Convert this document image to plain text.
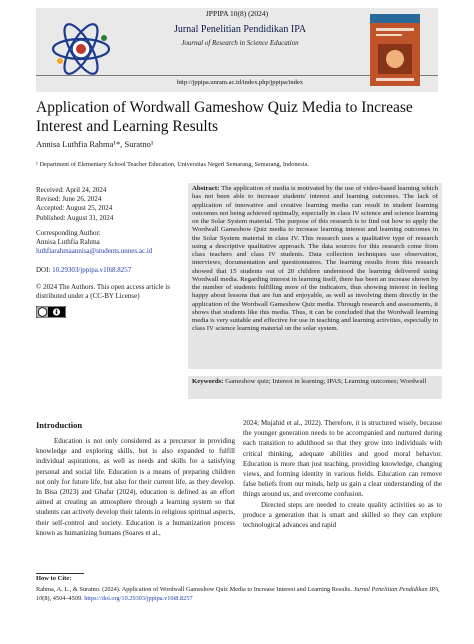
JPPIPA 10(8) (2024)
Jurnal Penelitian Pendidikan IPA
Journal of Research in Science Education
http://jppipa.unram.ac.id/index.php/jppipa/index
Application of Wordwall Gameshow Quiz Media to Increase Interest and Learning Results
Annisa Luthfia Rahma¹*, Suratno¹
¹ Department of Elementary School Teacher Education, Universitas Negeri Semarang, Semarang, Indonesia.
Received: April 24, 2024
Revised: June 26, 2024
Accepted: August 25, 2024
Published: August 31, 2024
Corresponding Author:
Annisa Luthfia Rahma
luthfiarahmaannisa@students.unnes.ac.id
DOI: 10.29303/jppipa.v10i8.8257
© 2024 The Authors. This open access article is distributed under a (CC-BY License)
Abstract: The application of media is motivated by the use of video-based learning which has not been able to increase students' interest and learning outcomes. The lack of application of innovative and creative learning media can result in student learning outcomes not being achieved optimally, especially in class IV science and science learning on the Solar System material. The purpose of this research is to find out how to apply the Wordwall Gameshow Quiz media to increase learning interest and learning outcomes in the Solar System material in class IV. This research uses a qualitative type of research using a descriptive qualitative approach. The data sources for this research come from class teachers and class IV students. Data collection techniques use observation, interviews, documentation and questionnaires. The learning results from this research showed that 15 students out of 20 children understood the learning delivered using Wordwall media. Regarding interest in learning itself, there has been an increase shown by the number of students fulfilling more of the indicators, thus showing interest in feeling happy about lessons that are fun and enjoyable, as well as involving them directly in the application of the Wordwall Gameshow Quiz media. Through research and assessments, it shows that students like this media. Thus, it can be concluded that the Wordwall learning media is very suitable and effective for use in teaching and learning activities, especially in class IV science learning material on the solar system.
Keywords: Gameshow quiz; Interest in learning; IPAS; Learning outcomes; Wordwall
Introduction

Education is not only considered as a precursor in providing knowledge and exploring skills, but is also expanded to fulfill individual aspirations, as well as needs and skills for a satisfying personal and social life. Education is a means of preparing children not only for future life, but also for their current life, as they develop. In Bisa (2023) and Ghafar (2024), education is defined as an effort aimed at creating an atmosphere through a learning system so that students can actively develop their talents in religious spiritual aspects, their self-control and society. Education is a humanization process known as humanizing humans (Soares et al.,

2024; Mujahid et al., 2022). Therefore, it is structured wisely, because the younger generation needs to be accompanied and nurtured during each transition to adulthood so that they grow into individuals with critical thinking, adequate abilities and good moral behavior. Education is more than just teaching, providing knowledge, changing views, and forming identity in various fields. Education can remove false beliefs from our minds, help us gain a clear understanding of the things around us, and overcome confusion.

Directed steps are needed to create quality activities so as to produce a generation that is smart and skilled so they can explore technological advances and rapid

How to Cite:
Rahma, A. L., & Suratno. (2024). Application of Wordwall Gameshow Quiz Media to Increase Interest and Learning Results. Jurnal Penelitian Pendidikan IPA, 10(8), 4504–4509. https://doi.org/10.29303/jppipa.v10i8.8257
